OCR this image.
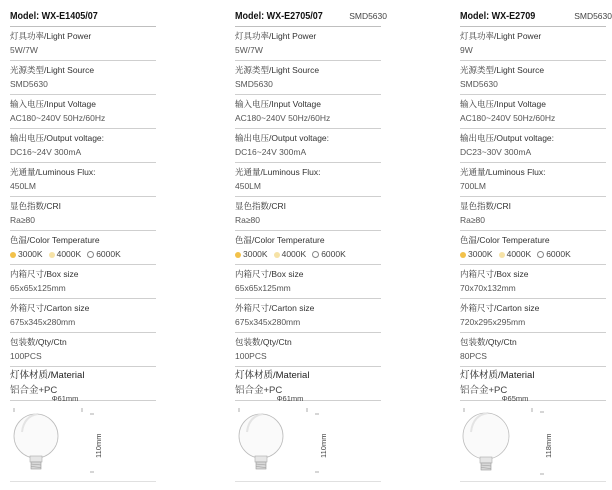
Model: WX-E1405/07
灯具功率/Light Power
5W/7W
光源类型/Light Source
SMD5630
输入电压/Input Voltage
AC180~240V 50Hz/60Hz
输出电压/Output voltage:
DC16~24V 300mA
光通量/Luminous Flux:
450LM
显色指数/CRI
Ra≥80
色温/Color Temperature
3000K 4000K 6000K
内箱尺寸/Box size
65x65x125mm
外箱尺寸/Carton size
675x345x280mm
包装数/Qty/Ctn
100PCS
灯体材质/Material
铝合金+PC
Model: WX-E2705/07	SMD5630
灯具功率/Light Power
5W/7W
光源类型/Light Source
SMD5630
输入电压/Input Voltage
AC180~240V 50Hz/60Hz
输出电压/Output voltage:
DC16~24V 300mA
光通量/Luminous Flux:
450LM
显色指数/CRI
Ra≥80
色温/Color Temperature
3000K 4000K 6000K
内箱尺寸/Box size
65x65x125mm
外箱尺寸/Carton size
675x345x280mm
包装数/Qty/Ctn
100PCS
灯体材质/Material
铝合金+PC
Model: WX-E2709	SMD5630
灯具功率/Light Power
9W
光源类型/Light Source
SMD5630
输入电压/Input Voltage
AC180~240V 50Hz/60Hz
输出电压/Output voltage:
DC23~30V 300mA
光通量/Luminous Flux:
700LM
显色指数/CRI
Ra≥80
色温/Color Temperature
3000K 4000K 6000K
内箱尺寸/Box size
70x70x132mm
外箱尺寸/Carton size
720x295x295mm
包装数/Qty/Ctn
80PCS
灯体材质/Material
铝合金+PC
Φ61mm
110mm
Φ61mm
110mm
Φ65mm
118mm
